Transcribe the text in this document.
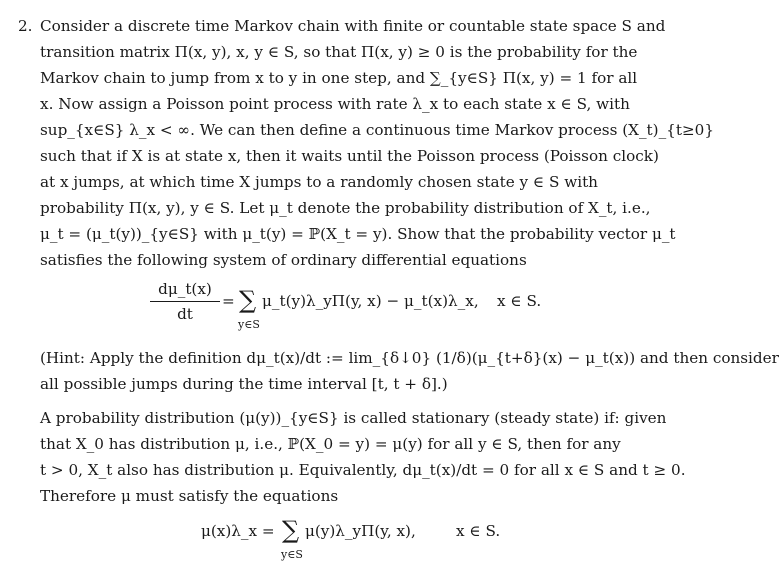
2. Consider a discrete time Markov chain with finite or countable state space S and
transition matrix Π(x, y), x, y ∈ S, so that Π(x, y) ≥ 0 is the probability for the
Markov chain to jump from x to y in one step, and ∑_{y∈S} Π(x, y) = 1 for all
x. Now assign a Poisson point process with rate λ_x to each state x ∈ S, with
sup_{x∈S} λ_x < ∞. We can then define a continuous time Markov process (X_t)_{t≥0}
such that if X is at state x, then it waits until the Poisson process (Poisson clock)
at x jumps, at which time X jumps to a randomly chosen state y ∈ S with
probability Π(x, y), y ∈ S. Let μ_t denote the probability distribution of X_t, i.e.,
μ_t = (μ_t(y))_{y∈S} with μ_t(y) = ℙ(X_t = y). Show that the probability vector μ_t
satisfies the following system of ordinary differential equations
dμ_t(x)
dt
= ∑
y∈S
μ_t(y)λ_yΠ(y, x) − μ_t(x)λ_x, x ∈ S.
(Hint: Apply the definition dμ_t(x)/dt := lim_{δ↓0} (1/δ)(μ_{t+δ}(x) − μ_t(x)) and then consider
all possible jumps during the time interval [t, t + δ].)
A probability distribution (μ(y))_{y∈S} is called stationary (steady state) if: given
that X_0 has distribution μ, i.e., ℙ(X_0 = y) = μ(y) for all y ∈ S, then for any
t > 0, X_t also has distribution μ. Equivalently, dμ_t(x)/dt = 0 for all x ∈ S and t ≥ 0.
Therefore μ must satisfy the equations
μ(x)λ_x = ∑
y∈S
μ(y)λ_yΠ(y, x),	x ∈ S.
